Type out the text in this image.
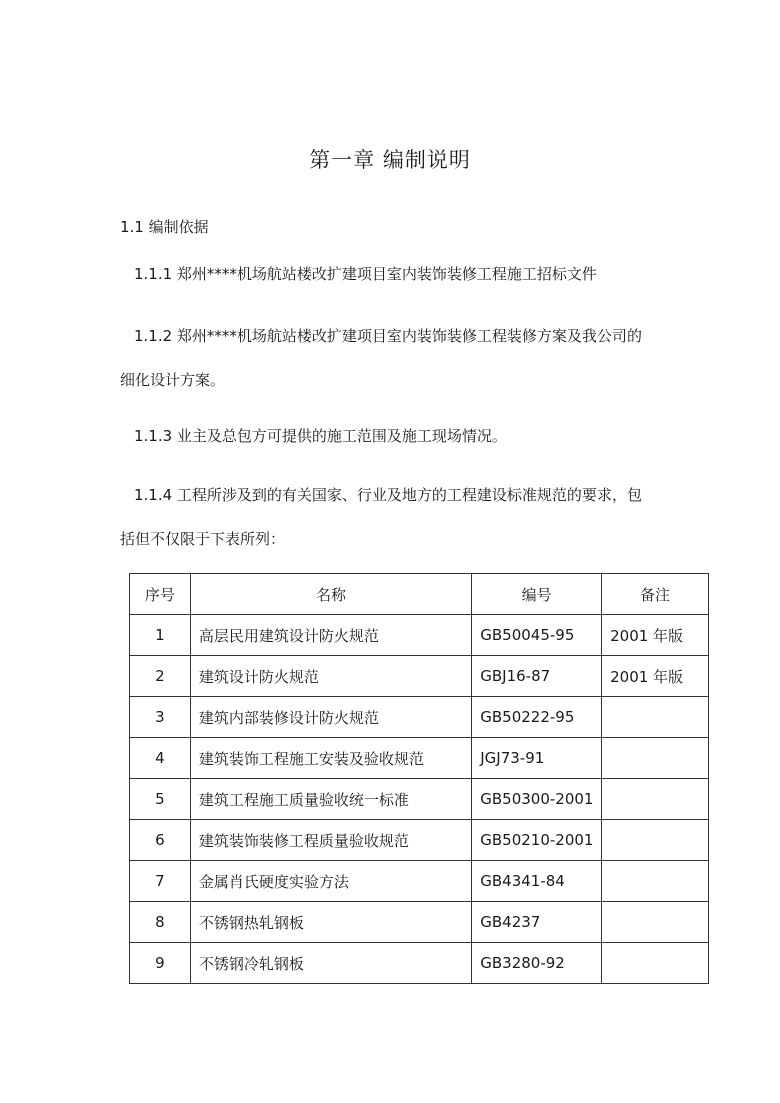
第一章 编制说明
1.1 编制依据
1.1.1 郑州****机场航站楼改扩建项目室内装饰装修工程施工招标文件
1.1.2 郑州****机场航站楼改扩建项目室内装饰装修工程装修方案及我公司的
细化设计方案。
1.1.3 业主及总包方可提供的施工范围及施工现场情况。
1.1.4 工程所涉及到的有关国家、行业及地方的工程建设标准规范的要求，包
括但不仅限于下表所列：
序号	名称	编号	备注
1	高层民用建筑设计防火规范	GB50045-95	2001 年版
2	建筑设计防火规范	GBJ16-87	2001 年版
3	建筑内部装修设计防火规范	GB50222-95	
4	建筑装饰工程施工安装及验收规范	JGJ73-91	
5	建筑工程施工质量验收统一标准	GB50300-2001	
6	建筑装饰装修工程质量验收规范	GB50210-2001	
7	金属肖氏硬度实验方法	GB4341-84	
8	不锈钢热轧钢板	GB4237	
9	不锈钢冷轧钢板	GB3280-92	
